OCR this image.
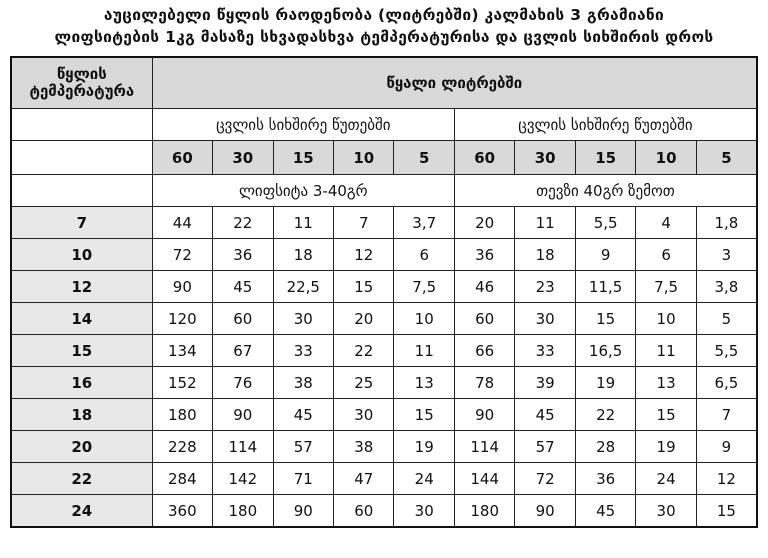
აუცილებელი წყლის რაოდენობა (ლიტრებში) კალმახის 3 გრამიანი
ლიფსიტების 1კგ მასაზე სხვადასხვა ტემპერატურისა და ცვლის სიხშირის დროს
წყლის ტემპერატურა	წყალი ლიტრებში									
	ცვლის სიხშირე წუთებში					ცვლის სიხშირე წუთებში				
	60	30	15	10	5	60	30	15	10	5
	ლიფსიტა 3-40გრ					თევზი 40გრ ზემოთ				
7	44	22	11	7	3,7	20	11	5,5	4	1,8
10	72	36	18	12	6	36	18	9	6	3
12	90	45	22,5	15	7,5	46	23	11,5	7,5	3,8
14	120	60	30	20	10	60	30	15	10	5
15	134	67	33	22	11	66	33	16,5	11	5,5
16	152	76	38	25	13	78	39	19	13	6,5
18	180	90	45	30	15	90	45	22	15	7
20	228	114	57	38	19	114	57	28	19	9
22	284	142	71	47	24	144	72	36	24	12
24	360	180	90	60	30	180	90	45	30	15
